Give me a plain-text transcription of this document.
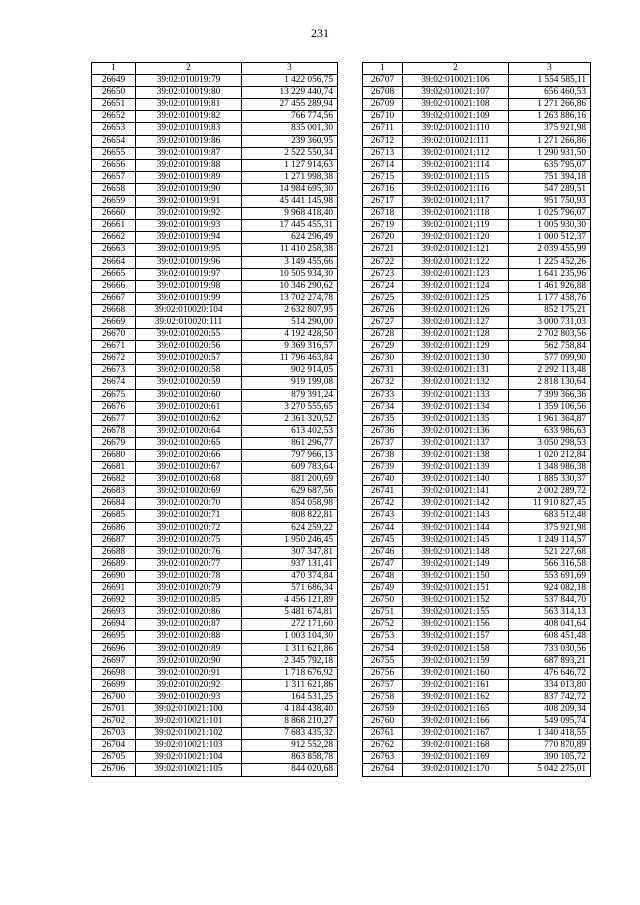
231
1	2	3
26649	39:02:010019:79	1 422 056,75
26650	39:02:010019:80	13 229 440,74
26651	39:02:010019:81	27 455 289,94
26652	39:02:010019:82	766 774,56
26653	39:02:010019:83	835 001,30
26654	39:02:010019:86	239 360,95
26655	39:02:010019:87	2 522 550,34
26656	39:02:010019:88	1 127 914,63
26657	39:02:010019:89	1 271 998,38
26658	39:02:010019:90	14 984 695,30
26659	39:02:010019:91	45 441 145,98
26660	39:02:010019:92	9 968 418,40
26661	39:02:010019:93	17 445 455,31
26662	39:02:010019:94	624 296,49
26663	39:02:010019:95	11 410 258,38
26664	39:02:010019:96	3 149 455,66
26665	39:02:010019:97	10 505 934,30
26666	39:02:010019:98	10 346 290,62
26667	39:02:010019:99	13 702 274,78
26668	39:02:010020:104	2 632 807,95
26669	39:02:010020:111	514 290,00
26670	39:02:010020:55	4 192 428,50
26671	39:02:010020:56	9 369 316,57
26672	39:02:010020:57	11 796 463,84
26673	39:02:010020:58	902 914,05
26674	39:02:010020:59	919 199,08
26675	39:02:010020:60	879 391,24
26676	39:02:010020:61	3 270 555,65
26677	39:02:010020:62	2 361 320,52
26678	39:02:010020:64	613 402,53
26679	39:02:010020:65	861 296,77
26680	39:02:010020:66	797 966,13
26681	39:02:010020:67	609 783,64
26682	39:02:010020:68	881 200,69
26683	39:02:010020:69	629 687,56
26684	39:02:010020:70	854 058,98
26685	39:02:010020:71	808 822,81
26686	39:02:010020:72	624 259,22
26687	39:02:010020:75	1 950 246,45
26688	39:02:010020:76	307 347,81
26689	39:02:010020:77	937 131,41
26690	39:02:010020:78	470 374,84
26691	39:02:010020:79	571 686,34
26692	39:02:010020:85	4 456 121,89
26693	39:02:010020:86	5 481 674,81
26694	39:02:010020:87	272 171,60
26695	39:02:010020:88	1 003 104,30
26696	39:02:010020:89	1 311 621,86
26697	39:02:010020:90	2 345 792,18
26698	39:02:010020:91	1 718 676,92
26699	39:02:010020:92	1 311 621,86
26700	39:02:010020:93	164 531,25
26701	39:02:010021:100	4 184 438,40
26702	39:02:010021:101	8 868 210,27
26703	39:02:010021:102	7 683 435,32
26704	39:02:010021:103	912 552,28
26705	39:02:010021:104	863 858,78
26706	39:02:010021:105	844 020,68
1	2	3
26707	39:02:010021:106	1 554 585,11
26708	39:02:010021:107	656 460,53
26709	39:02:010021:108	1 271 266,86
26710	39:02:010021:109	1 263 886,16
26711	39:02:010021:110	375 921,98
26712	39:02:010021:111	1 271 266,86
26713	39:02:010021:112	1 290 931,50
26714	39:02:010021:114	635 795,07
26715	39:02:010021:115	751 394,18
26716	39:02:010021:116	547 289,51
26717	39:02:010021:117	951 750,93
26718	39:02:010021:118	1 025 796,07
26719	39:02:010021:119	1 005 930,30
26720	39:02:010021:120	1 000 512,37
26721	39:02:010021:121	2 039 455,99
26722	39:02:010021:122	1 225 452,26
26723	39:02:010021:123	1 641 235,96
26724	39:02:010021:124	1 461 926,88
26725	39:02:010021:125	1 177 458,76
26726	39:02:010021:126	852 175,21
26727	39:02:010021:127	3 000 731,03
26728	39:02:010021:128	2 702 803,56
26729	39:02:010021:129	562 758,84
26730	39:02:010021:130	577 099,90
26731	39:02:010021:131	2 292 113,48
26732	39:02:010021:132	2 818 130,64
26733	39:02:010021:133	7 399 366,36
26734	39:02:010021:134	1 359 106,56
26735	39:02:010021:135	1 961 364,87
26736	39:02:010021:136	633 986,63
26737	39:02:010021:137	3 050 298,53
26738	39:02:010021:138	1 020 212,84
26739	39:02:010021:139	1 348 986,38
26740	39:02:010021:140	1 885 330,37
26741	39:02:010021:141	2 002 289,72
26742	39:02:010021:142	11 910 827,45
26743	39:02:010021:143	683 512,48
26744	39:02:010021:144	375 921,98
26745	39:02:010021:145	1 249 114,57
26746	39:02:010021:148	521 227,68
26747	39:02:010021:149	566 316,58
26748	39:02:010021:150	553 691,69
26749	39:02:010021:151	924 082,18
26750	39:02:010021:152	537 844,70
26751	39:02:010021:155	563 314,13
26752	39:02:010021:156	408 041,64
26753	39:02:010021:157	608 451,48
26754	39:02:010021:158	733 030,56
26755	39:02:010021:159	687 893,21
26756	39:02:010021:160	476 646,72
26757	39:02:010021:161	334 013,80
26758	39:02:010021:162	837 742,72
26759	39:02:010021:165	408 209,34
26760	39:02:010021:166	549 095,74
26761	39:02:010021:167	1 340 418,55
26762	39:02:010021:168	770 870,89
26763	39:02:010021:169	390 105,72
26764	39:02:010021:170	5 042 275,01
